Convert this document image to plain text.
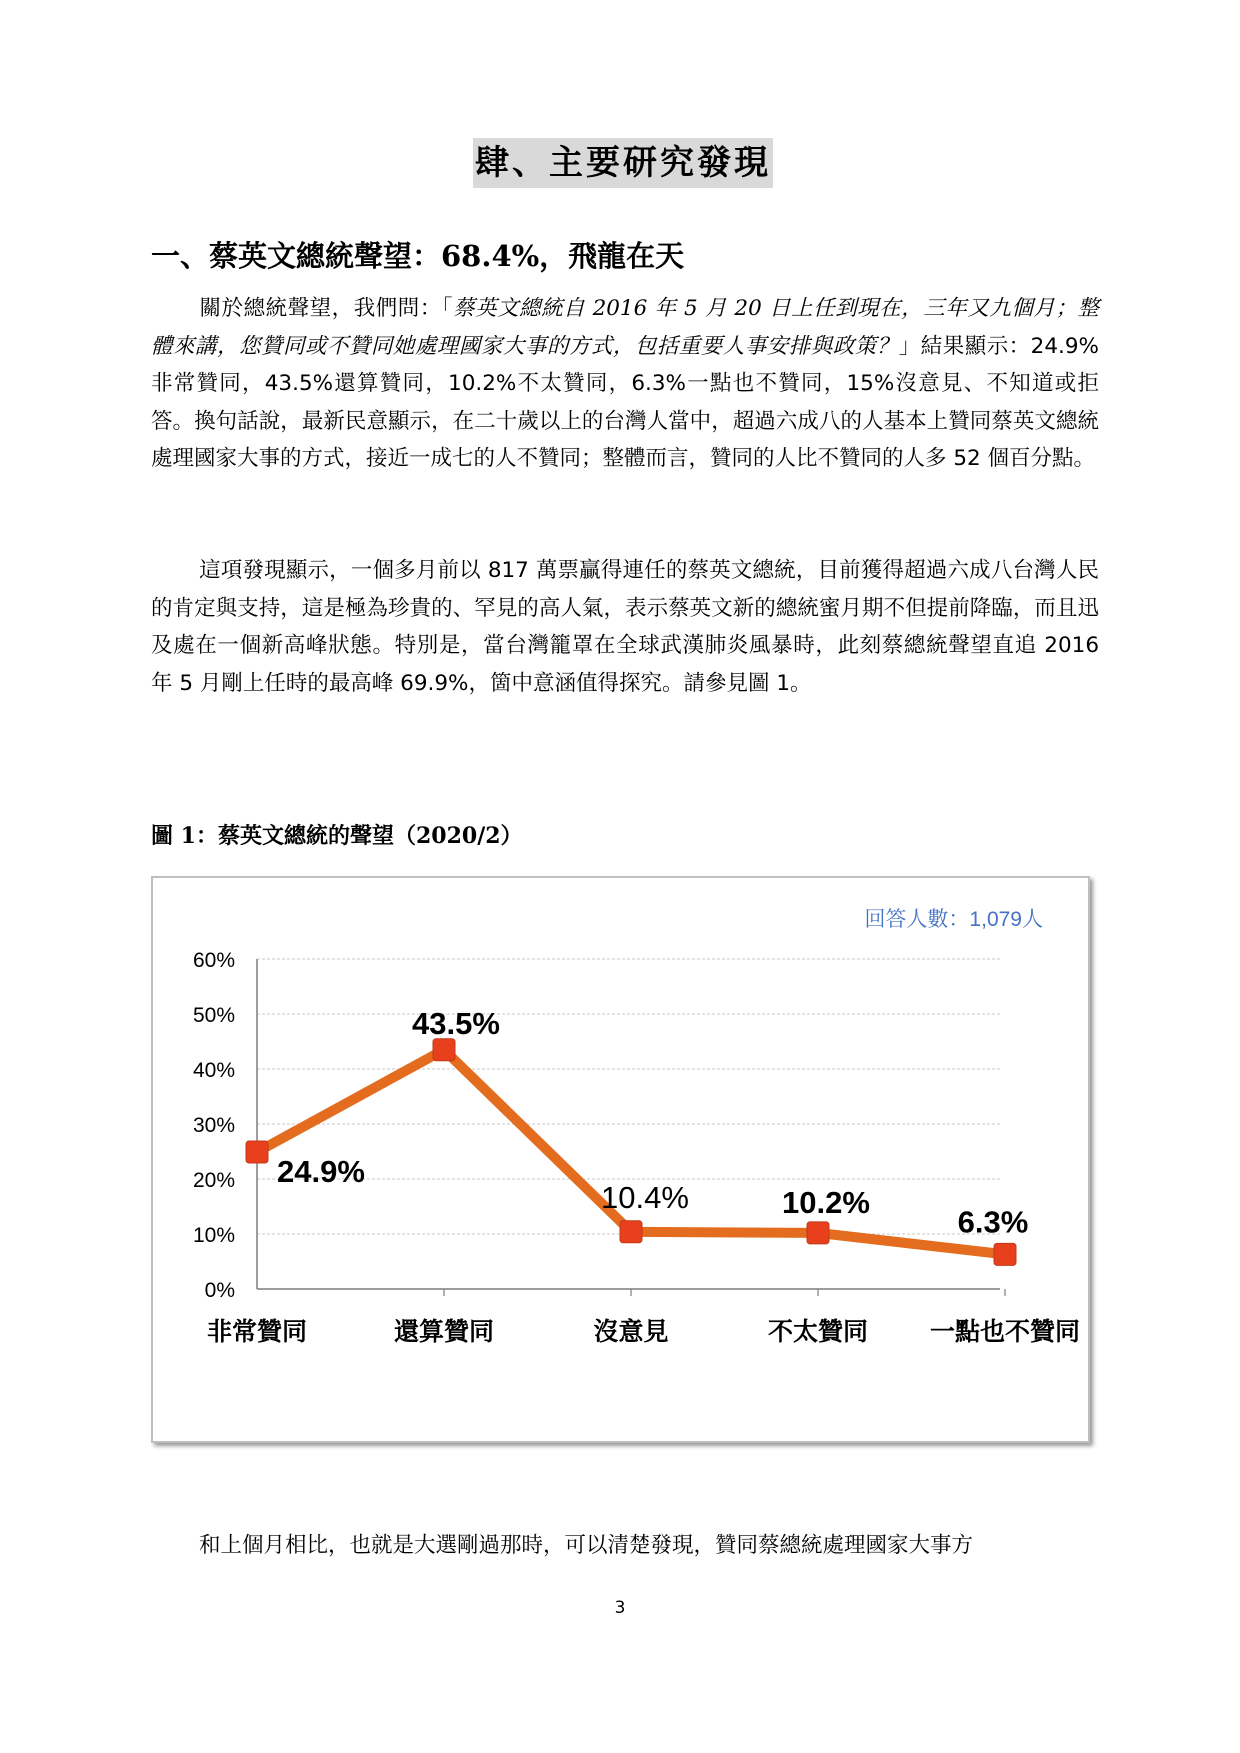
肆、主要研究發現
一、蔡英文總統聲望：68.4%，飛龍在天
關於總統聲望，我們問：「蔡英文總統自 2016 年 5 月 20 日上任到現在，三年又九個月；整體來講，您贊同或不贊同她處理國家大事的方式，包括重要人事安排與政策？」結果顯示：24.9%非常贊同，43.5%還算贊同，10.2%不太贊同，6.3%一點也不贊同，15%沒意見、不知道或拒答。換句話說，最新民意顯示，在二十歲以上的台灣人當中，超過六成八的人基本上贊同蔡英文總統處理國家大事的方式，接近一成七的人不贊同；整體而言，贊同的人比不贊同的人多 52 個百分點。
這項發現顯示，一個多月前以 817 萬票贏得連任的蔡英文總統，目前獲得超過六成八台灣人民的肯定與支持，這是極為珍貴的、罕見的高人氣，表示蔡英文新的總統蜜月期不但提前降臨，而且迅及處在一個新高峰狀態。特別是，當台灣籠罩在全球武漢肺炎風暴時，此刻蔡總統聲望直追 2016 年 5 月剛上任時的最高峰 69.9%，箇中意涵值得探究。請參見圖 1。
圖 1：蔡英文總統的聲望（2020/2）
回答人數：1,079人
0%
10%
20%
30%
40%
50%
60%
非常贊同	還算贊同	沒意見	不太贊同 一點也不贊同
24.9%
43.5%
10.4%	10.2%
6.3%
和上個月相比，也就是大選剛過那時，可以清楚發現，贊同蔡總統處理國家大事方
3
